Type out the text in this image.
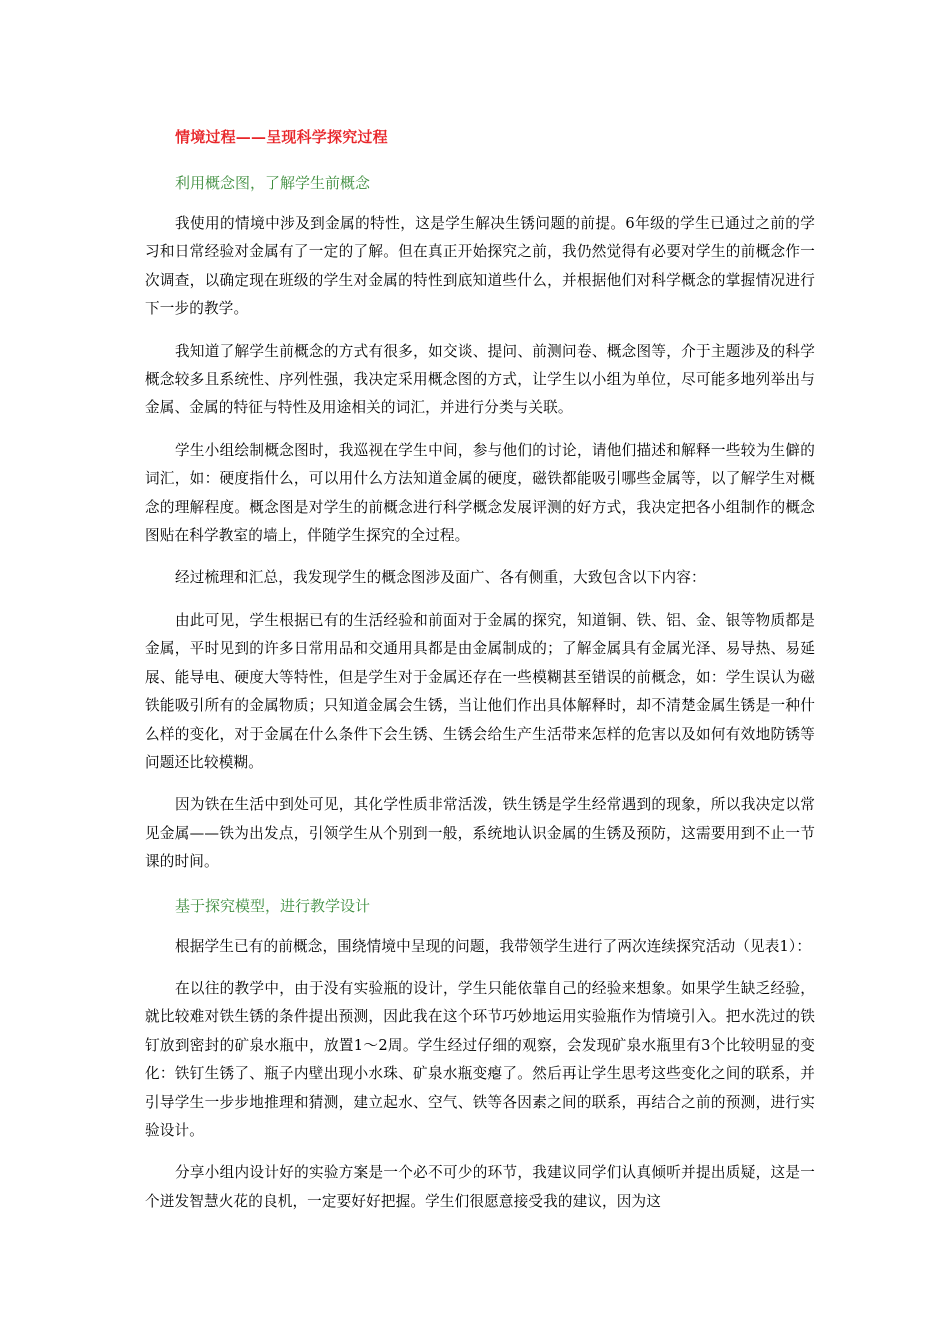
情境过程——呈现科学探究过程
利用概念图，了解学生前概念

我使用的情境中涉及到金属的特性，这是学生解决生锈问题的前提。6年级的学生已通过之前的学习和日常经验对金属有了一定的了解。但在真正开始探究之前，我仍然觉得有必要对学生的前概念作一次调查，以确定现在班级的学生对金属的特性到底知道些什么，并根据他们对科学概念的掌握情况进行下一步的教学。

我知道了解学生前概念的方式有很多，如交谈、提问、前测问卷、概念图等，介于主题涉及的科学概念较多且系统性、序列性强，我决定采用概念图的方式，让学生以小组为单位，尽可能多地列举出与金属、金属的特征与特性及用途相关的词汇，并进行分类与关联。

学生小组绘制概念图时，我巡视在学生中间，参与他们的讨论，请他们描述和解释一些较为生僻的词汇，如：硬度指什么，可以用什么方法知道金属的硬度，磁铁都能吸引哪些金属等，以了解学生对概念的理解程度。概念图是对学生的前概念进行科学概念发展评测的好方式，我决定把各小组制作的概念图贴在科学教室的墙上，伴随学生探究的全过程。

经过梳理和汇总，我发现学生的概念图涉及面广、各有侧重，大致包含以下内容：

由此可见，学生根据已有的生活经验和前面对于金属的探究，知道铜、铁、铝、金、银等物质都是金属，平时见到的许多日常用品和交通用具都是由金属制成的；了解金属具有金属光泽、易导热、易延展、能导电、硬度大等特性，但是学生对于金属还存在一些模糊甚至错误的前概念，如：学生误认为磁铁能吸引所有的金属物质；只知道金属会生锈，当让他们作出具体解释时，却不清楚金属生锈是一种什么样的变化，对于金属在什么条件下会生锈、生锈会给生产生活带来怎样的危害以及如何有效地防锈等问题还比较模糊。

因为铁在生活中到处可见，其化学性质非常活泼，铁生锈是学生经常遇到的现象，所以我决定以常见金属——铁为出发点，引领学生从个别到一般，系统地认识金属的生锈及预防，这需要用到不止一节课的时间。

基于探究模型，进行教学设计

根据学生已有的前概念，围绕情境中呈现的问题，我带领学生进行了两次连续探究活动（见表1）：

在以往的教学中，由于没有实验瓶的设计，学生只能依靠自己的经验来想象。如果学生缺乏经验，就比较难对铁生锈的条件提出预测，因此我在这个环节巧妙地运用实验瓶作为情境引入。把水洗过的铁钉放到密封的矿泉水瓶中，放置1～2周。学生经过仔细的观察，会发现矿泉水瓶里有3个比较明显的变化：铁钉生锈了、瓶子内壁出现小水珠、矿泉水瓶变瘪了。然后再让学生思考这些变化之间的联系，并引导学生一步步地推理和猜测，建立起水、空气、铁等各因素之间的联系，再结合之前的预测，进行实验设计。

分享小组内设计好的实验方案是一个必不可少的环节，我建议同学们认真倾听并提出质疑，这是一个迸发智慧火花的良机，一定要好好把握。学生们很愿意接受我的建议，因为这
